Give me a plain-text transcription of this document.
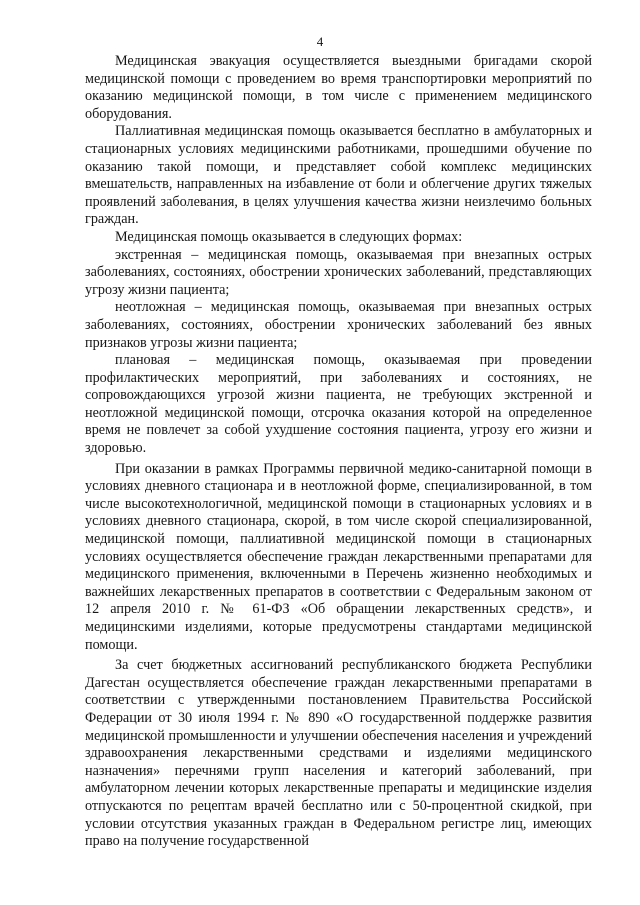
4

Медицинская эвакуация осуществляется выездными бригадами скорой медицинской помощи с проведением во время транспортировки мероприятий по оказанию медицинской помощи, в том числе с применением медицинского оборудования.

Паллиативная медицинская помощь оказывается бесплатно в амбулаторных и стационарных условиях медицинскими работниками, прошедшими обучение по оказанию такой помощи, и представляет собой комплекс медицинских вмешательств, направленных на избавление от боли и облегчение других тяжелых проявлений заболевания, в целях улучшения качества жизни неизлечимо больных граждан.

Медицинская помощь оказывается в следующих формах:

экстренная – медицинская помощь, оказываемая при внезапных острых заболеваниях, состояниях, обострении хронических заболеваний, представляющих угрозу жизни пациента;

неотложная – медицинская помощь, оказываемая при внезапных острых заболеваниях, состояниях, обострении хронических заболеваний без явных признаков угрозы жизни пациента;

плановая – медицинская помощь, оказываемая при проведении профилактических мероприятий, при заболеваниях и состояниях, не сопровождающихся угрозой жизни пациента, не требующих экстренной и неотложной медицинской помощи, отсрочка оказания которой на определенное время не повлечет за собой ухудшение состояния пациента, угрозу его жизни и здоровью.

При оказании в рамках Программы первичной медико-санитарной помощи в условиях дневного стационара и в неотложной форме, специализированной, в том числе высокотехнологичной, медицинской помощи в стационарных условиях и в условиях дневного стационара, скорой, в том числе скорой специализированной, медицинской помощи, паллиативной медицинской помощи в стационарных условиях осуществляется обеспечение граждан лекарственными препаратами для медицинского применения, включенными в Перечень жизненно необходимых и важнейших лекарственных препаратов в соответствии с Федеральным законом от 12 апреля 2010 г. № 61-ФЗ «Об обращении лекарственных средств», и медицинскими изделиями, которые предусмотрены стандартами медицинской помощи.

За счет бюджетных ассигнований республиканского бюджета Республики Дагестан осуществляется обеспечение граждан лекарственными препаратами в соответствии с утвержденными постановлением Правительства Российской Федерации от 30 июля 1994 г. № 890 «О государственной поддержке развития медицинской промышленности и улучшении обеспечения населения и учреждений здравоохранения лекарственными средствами и изделиями медицинского назначения» перечнями групп населения и категорий заболеваний, при амбулаторном лечении которых лекарственные препараты и медицинские изделия отпускаются по рецептам врачей бесплатно или с 50-процентной скидкой, при условии отсутствия указанных граждан в Федеральном регистре лиц, имеющих право на получение государственной
